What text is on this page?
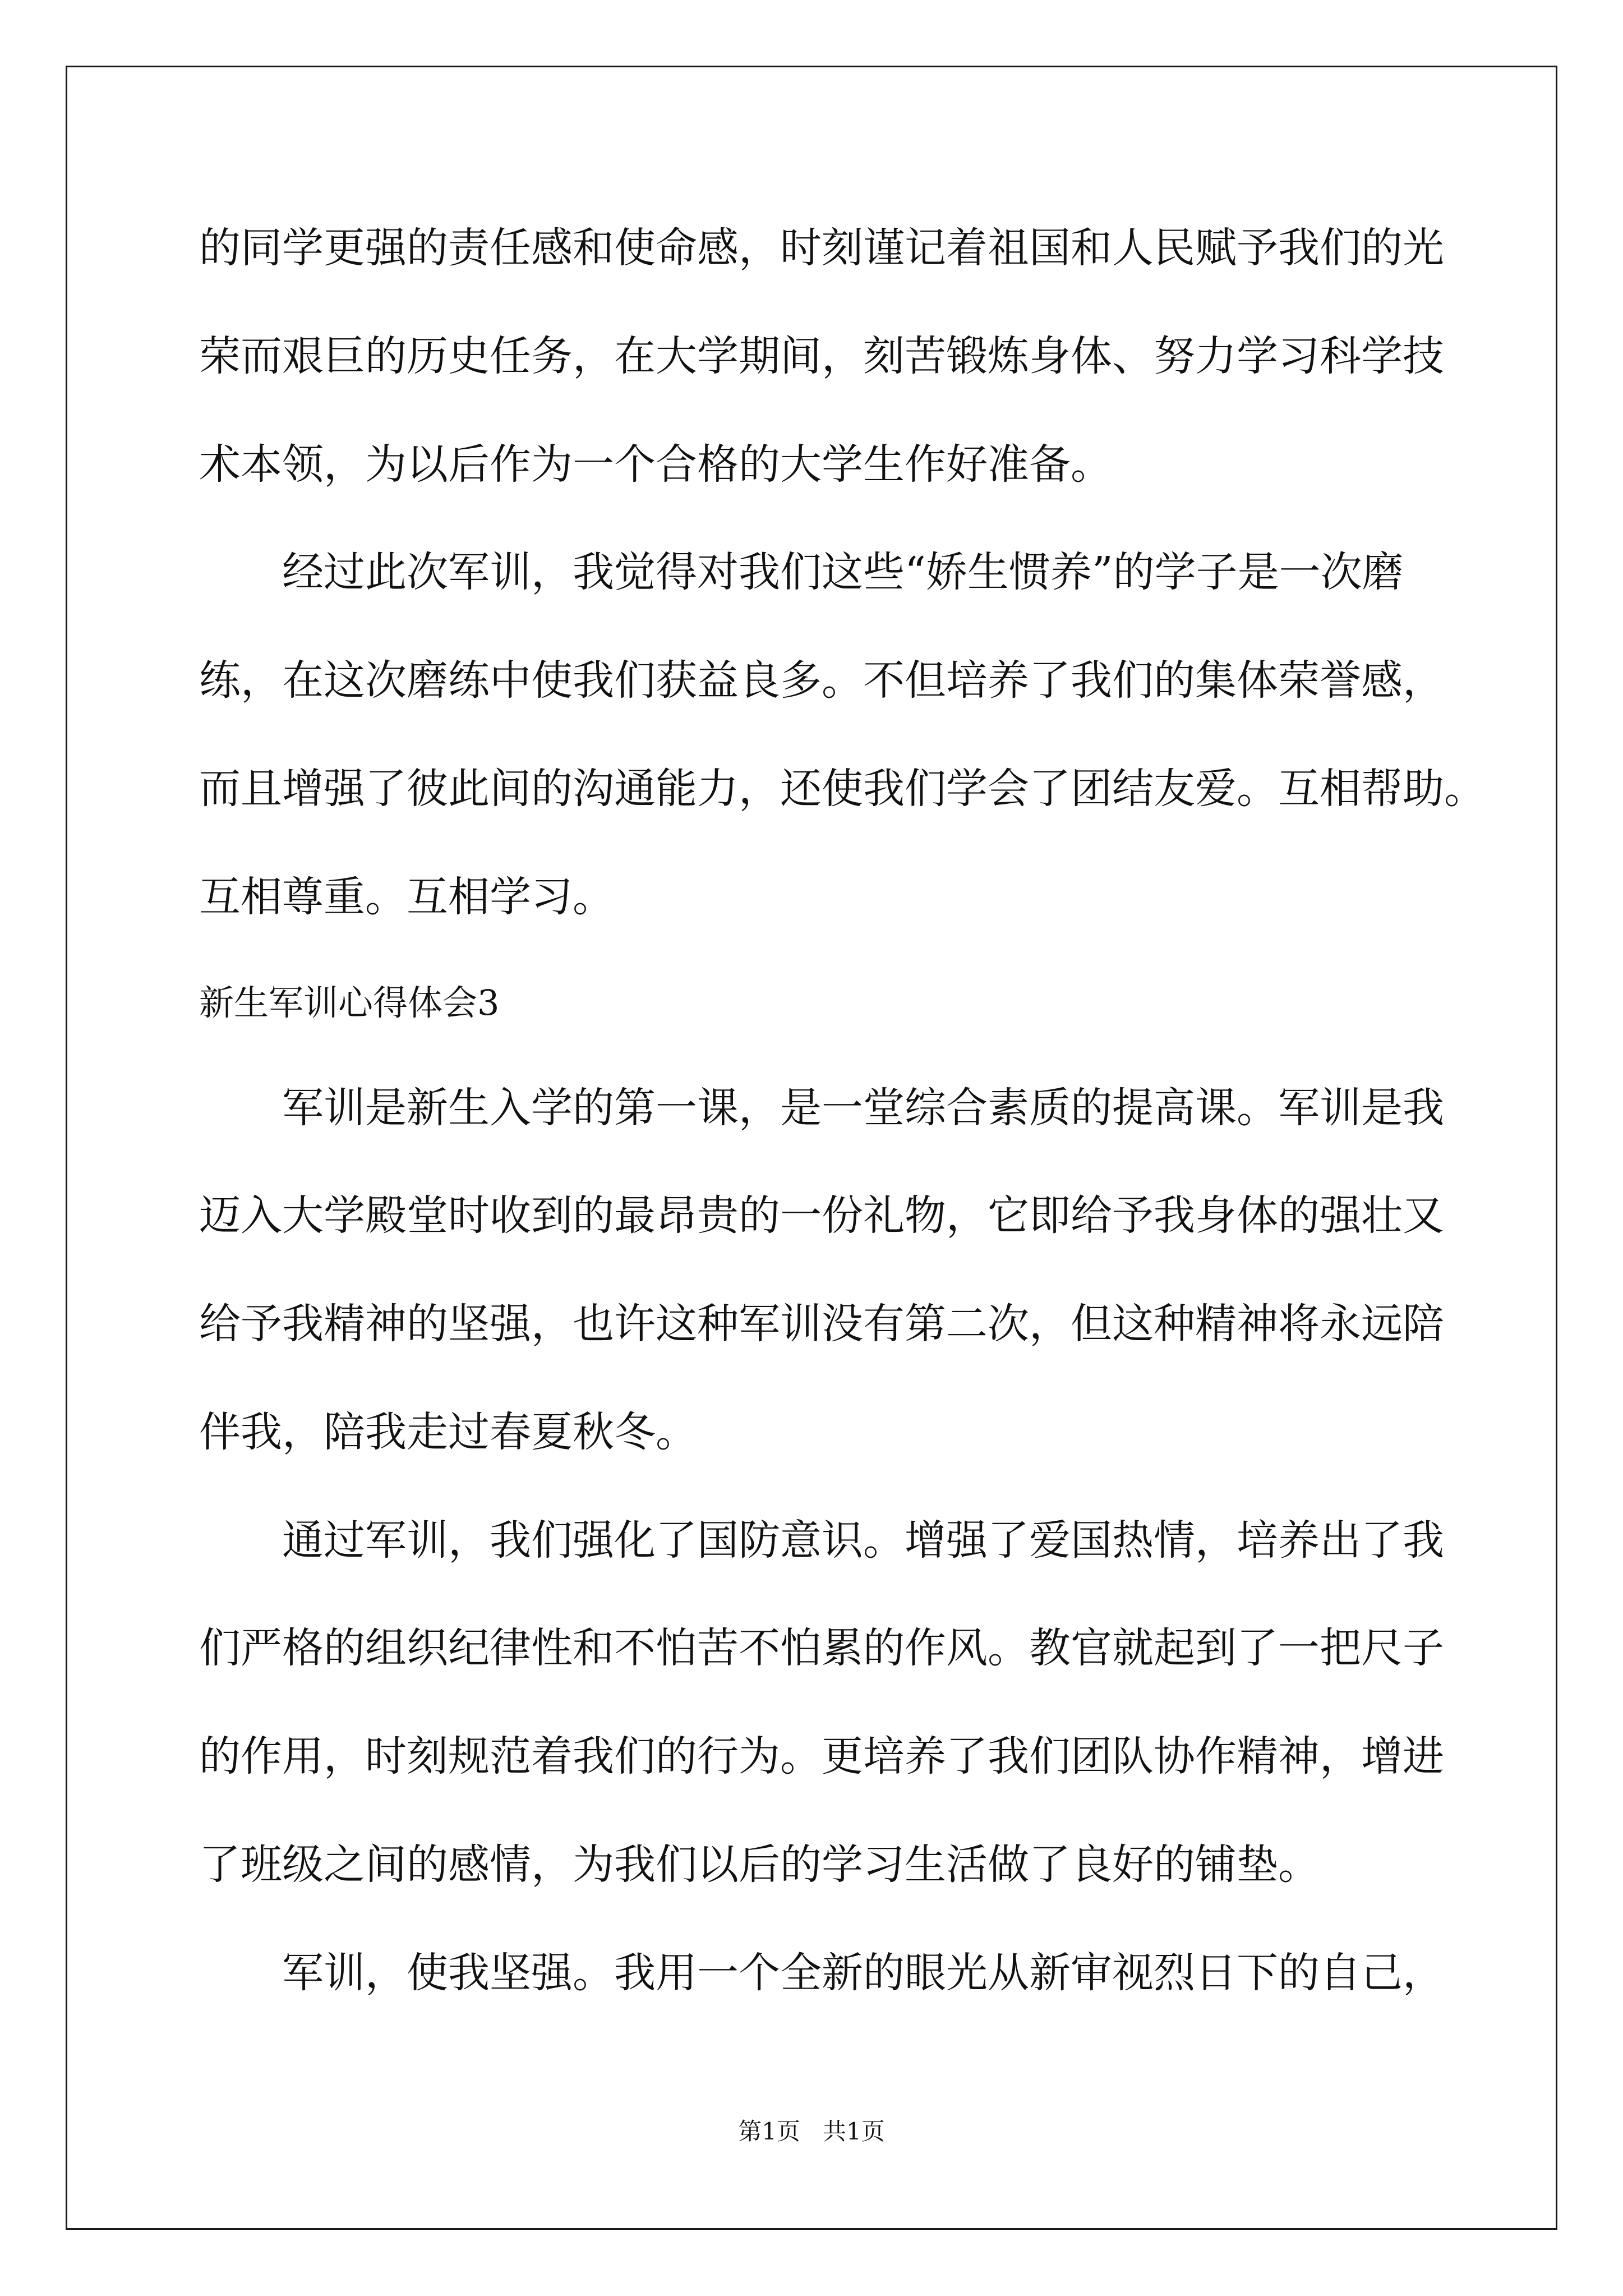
的同学更强的责任感和使命感，时刻谨记着祖国和人民赋予我们的光

荣而艰巨的历史任务，在大学期间，刻苦锻炼身体、努力学习科学技

术本领，为以后作为一个合格的大学生作好准备。

经过此次军训，我觉得对我们这些“娇生惯养”的学子是一次磨

练，在这次磨练中使我们获益良多。不但培养了我们的集体荣誉感，

而且增强了彼此间的沟通能力，还使我们学会了团结友爱。互相帮助。

互相尊重。互相学习。

新生军训心得体会3

军训是新生入学的第一课，是一堂综合素质的提高课。军训是我

迈入大学殿堂时收到的最昂贵的一份礼物，它即给予我身体的强壮又

给予我精神的坚强，也许这种军训没有第二次，但这种精神将永远陪

伴我，陪我走过春夏秋冬。

通过军训，我们强化了国防意识。增强了爱国热情，培养出了我

们严格的组织纪律性和不怕苦不怕累的作风。教官就起到了一把尺子

的作用，时刻规范着我们的行为。更培养了我们团队协作精神，增进

了班级之间的感情，为我们以后的学习生活做了良好的铺垫。

军训，使我坚强。我用一个全新的眼光从新审视烈日下的自己，

第1页   共1页
